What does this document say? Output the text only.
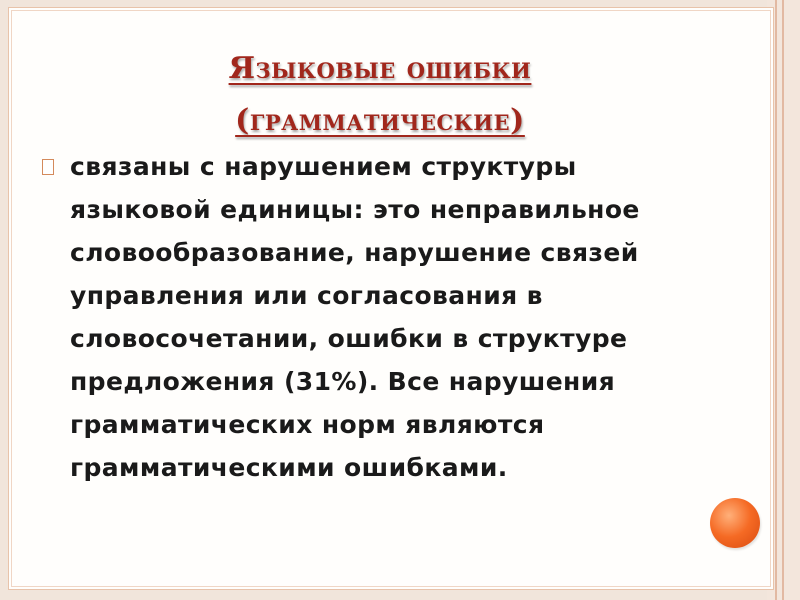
Языковые ошибки
(грамматические)
связаны с нарушением структуры языковой единицы: это неправильное словообразование, нарушение связей управления или согласования в словосочетании, ошибки в структуре предложения (31%). Все нарушения грамматических норм являются грамматическими ошибками.
